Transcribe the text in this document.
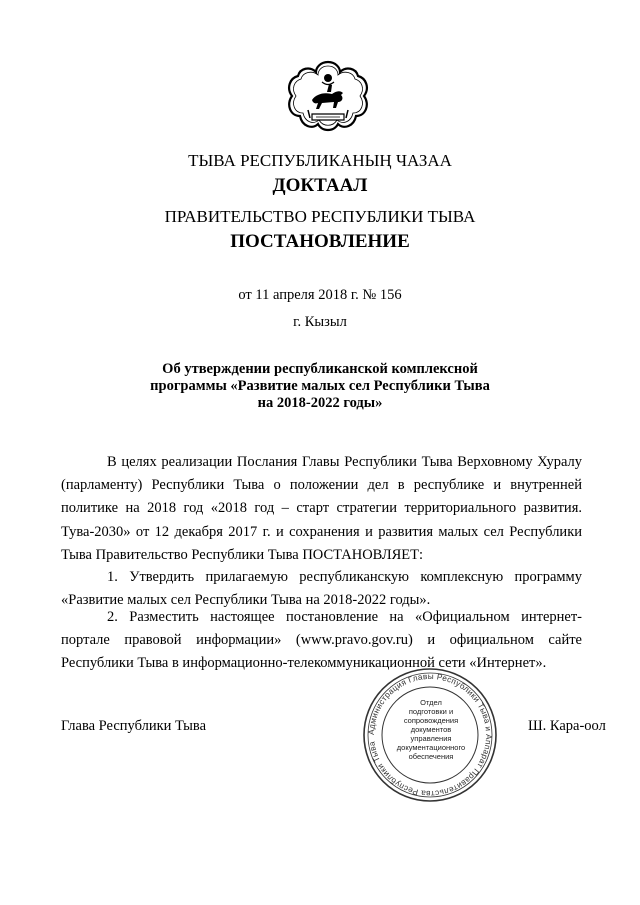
ТЫВА РЕСПУБЛИКАНЫҢ ЧАЗАА
ДОКТААЛ
ПРАВИТЕЛЬСТВО РЕСПУБЛИКИ ТЫВА
ПОСТАНОВЛЕНИЕ
от 11 апреля 2018 г. № 156
г. Кызыл
Об утверждении республиканской комплексной
программы «Развитие малых сел Республики Тыва
на 2018-2022 годы»
В целях реализации Послания Главы Республики Тыва Верховному Хуралу (парламенту) Республики Тыва о положении дел в республике и внутренней политике на 2018 год «2018 год – старт стратегии территориального развития. Тува-2030» от 12 декабря 2017 г. и сохранения и развития малых сел Республики Тыва Правительство Республики Тыва ПОСТАНОВЛЯЕТ:
1. Утвердить прилагаемую республиканскую комплексную программу «Развитие малых сел Республики Тыва на 2018-2022 годы».
2. Разместить настоящее постановление на «Официальном интернет-портале правовой информации» (www.pravo.gov.ru) и официальном сайте Республики Тыва в информационно-телекоммуникационной сети «Интернет».
Глава Республики Тыва	Ш. Кара-оол
Администрация Главы Республики Тыва и Аппарат Правительства Республики Тыва
Отдел
подготовки и
сопровождения документов
управления
документационного
обеспечения
